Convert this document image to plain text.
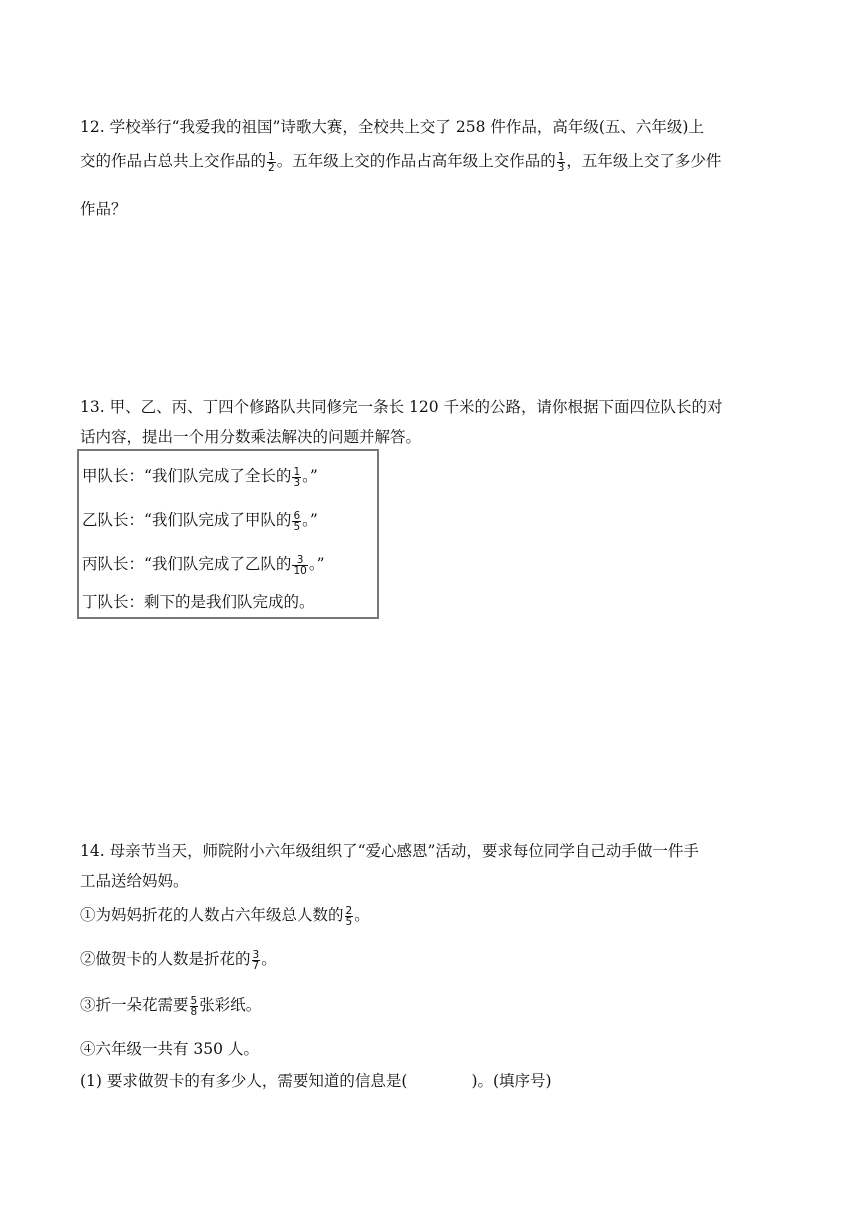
12. 学校举行“我爱我的祖国”诗歌大赛，全校共上交了 258 件作品，高年级(五、六年级)上
交的作品占总共上交作品的 $\frac{1}{2}$ 。五年级上交的作品占高年级上交作品的 $\frac{1}{3}$ ，五年级上交了多少件
作品？
13. 甲、乙、丙、丁四个修路队共同修完一条长 120 千米的公路，请你根据下面四位队长的对
话内容，提出一个用分数乘法解决的问题并解答。
甲队长：“我们队完成了全长的 $\frac{1}{3}$ 。”
乙队长：“我们队完成了甲队的 $\frac{6}{5}$ 。”
丙队长：“我们队完成了乙队的 $\frac{3}{10}$ 。”
丁队长：剩下的是我们队完成的。
14. 母亲节当天，师院附小六年级组织了“爱心感恩”活动，要求每位同学自己动手做一件手
工品送给妈妈。
①为妈妈折花的人数占六年级总人数的 $\frac{2}{5}$ 。
②做贺卡的人数是折花的 $\frac{3}{7}$ 。
③折一朵花需要 $\frac{5}{8}$ 张彩纸。
④六年级一共有 350 人。
(1) 要求做贺卡的有多少人，需要知道的信息是(	)。(填序号)
